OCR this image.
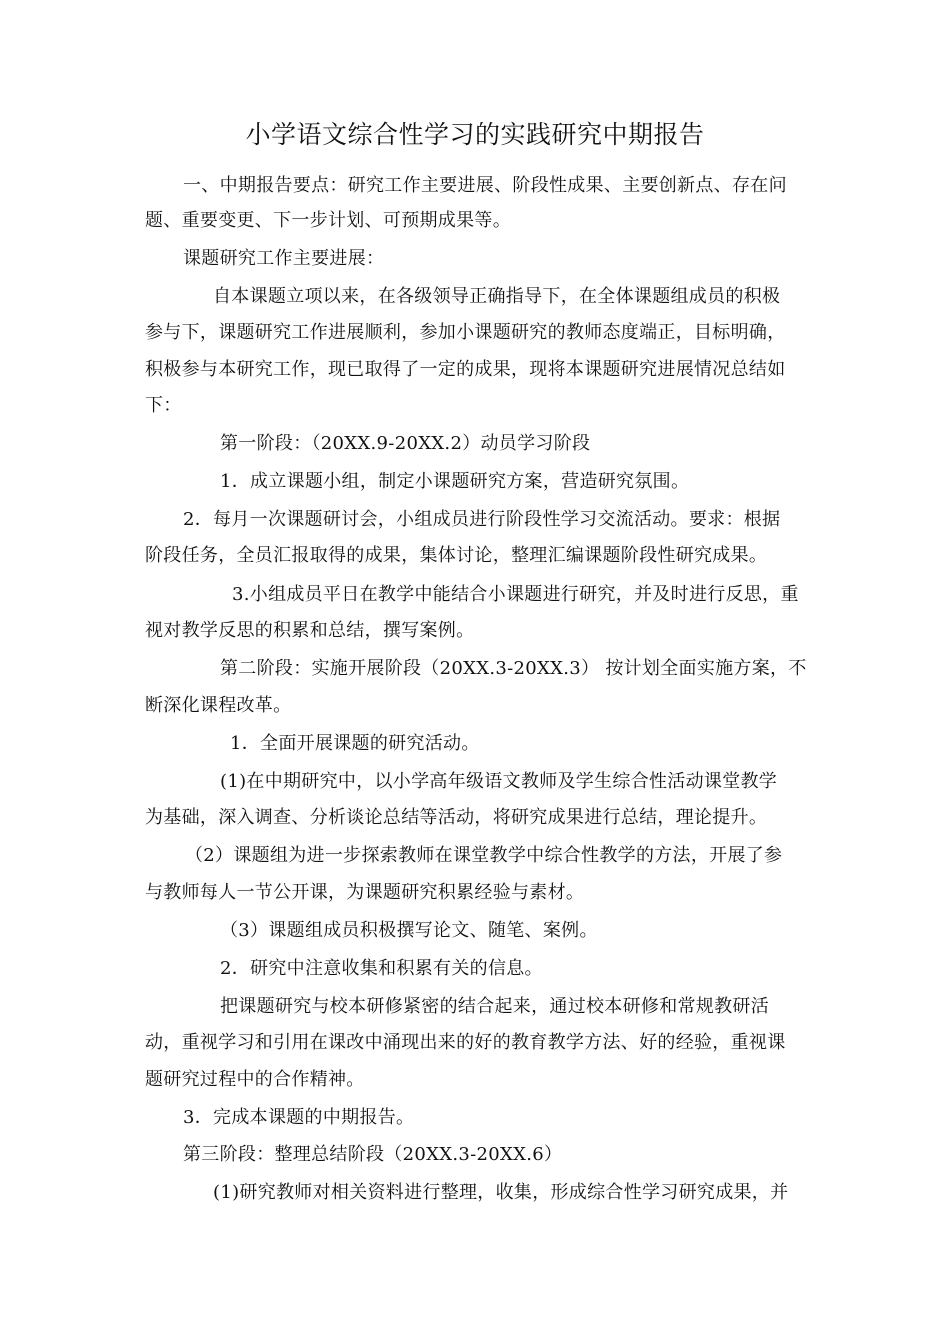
小学语文综合性学习的实践研究中期报告
一、中期报告要点：研究工作主要进展、阶段性成果、主要创新点、存在问
题、重要变更、下一步计划、可预期成果等。
课题研究工作主要进展：
自本课题立项以来，在各级领导正确指导下，在全体课题组成员的积极
参与下，课题研究工作进展顺利，参加小课题研究的教师态度端正，目标明确，
积极参与本研究工作，现已取得了一定的成果，现将本课题研究进展情况总结如
下：
第一阶段：（20XX.9-20XX.2）动员学习阶段
1．成立课题小组，制定小课题研究方案，营造研究氛围。
2．每月一次课题研讨会，小组成员进行阶段性学习交流活动。要求：根据
阶段任务，全员汇报取得的成果，集体讨论，整理汇编课题阶段性研究成果。
3.小组成员平日在教学中能结合小课题进行研究，并及时进行反思，重
视对教学反思的积累和总结，撰写案例。
第二阶段：实施开展阶段（20XX.3-20XX.3） 按计划全面实施方案，不
断深化课程改革。
1．全面开展课题的研究活动。
(1)在中期研究中，以小学高年级语文教师及学生综合性活动课堂教学
为基础，深入调查、分析谈论总结等活动，将研究成果进行总结，理论提升。
（2）课题组为进一步探索教师在课堂教学中综合性教学的方法，开展了参
与教师每人一节公开课，为课题研究积累经验与素材。
（3）课题组成员积极撰写论文、随笔、案例。
2．研究中注意收集和积累有关的信息。
把课题研究与校本研修紧密的结合起来，通过校本研修和常规教研活
动，重视学习和引用在课改中涌现出来的好的教育教学方法、好的经验，重视课
题研究过程中的合作精神。
3．完成本课题的中期报告。
第三阶段：整理总结阶段（20XX.3-20XX.6）
(1)研究教师对相关资料进行整理，收集，形成综合性学习研究成果，并
